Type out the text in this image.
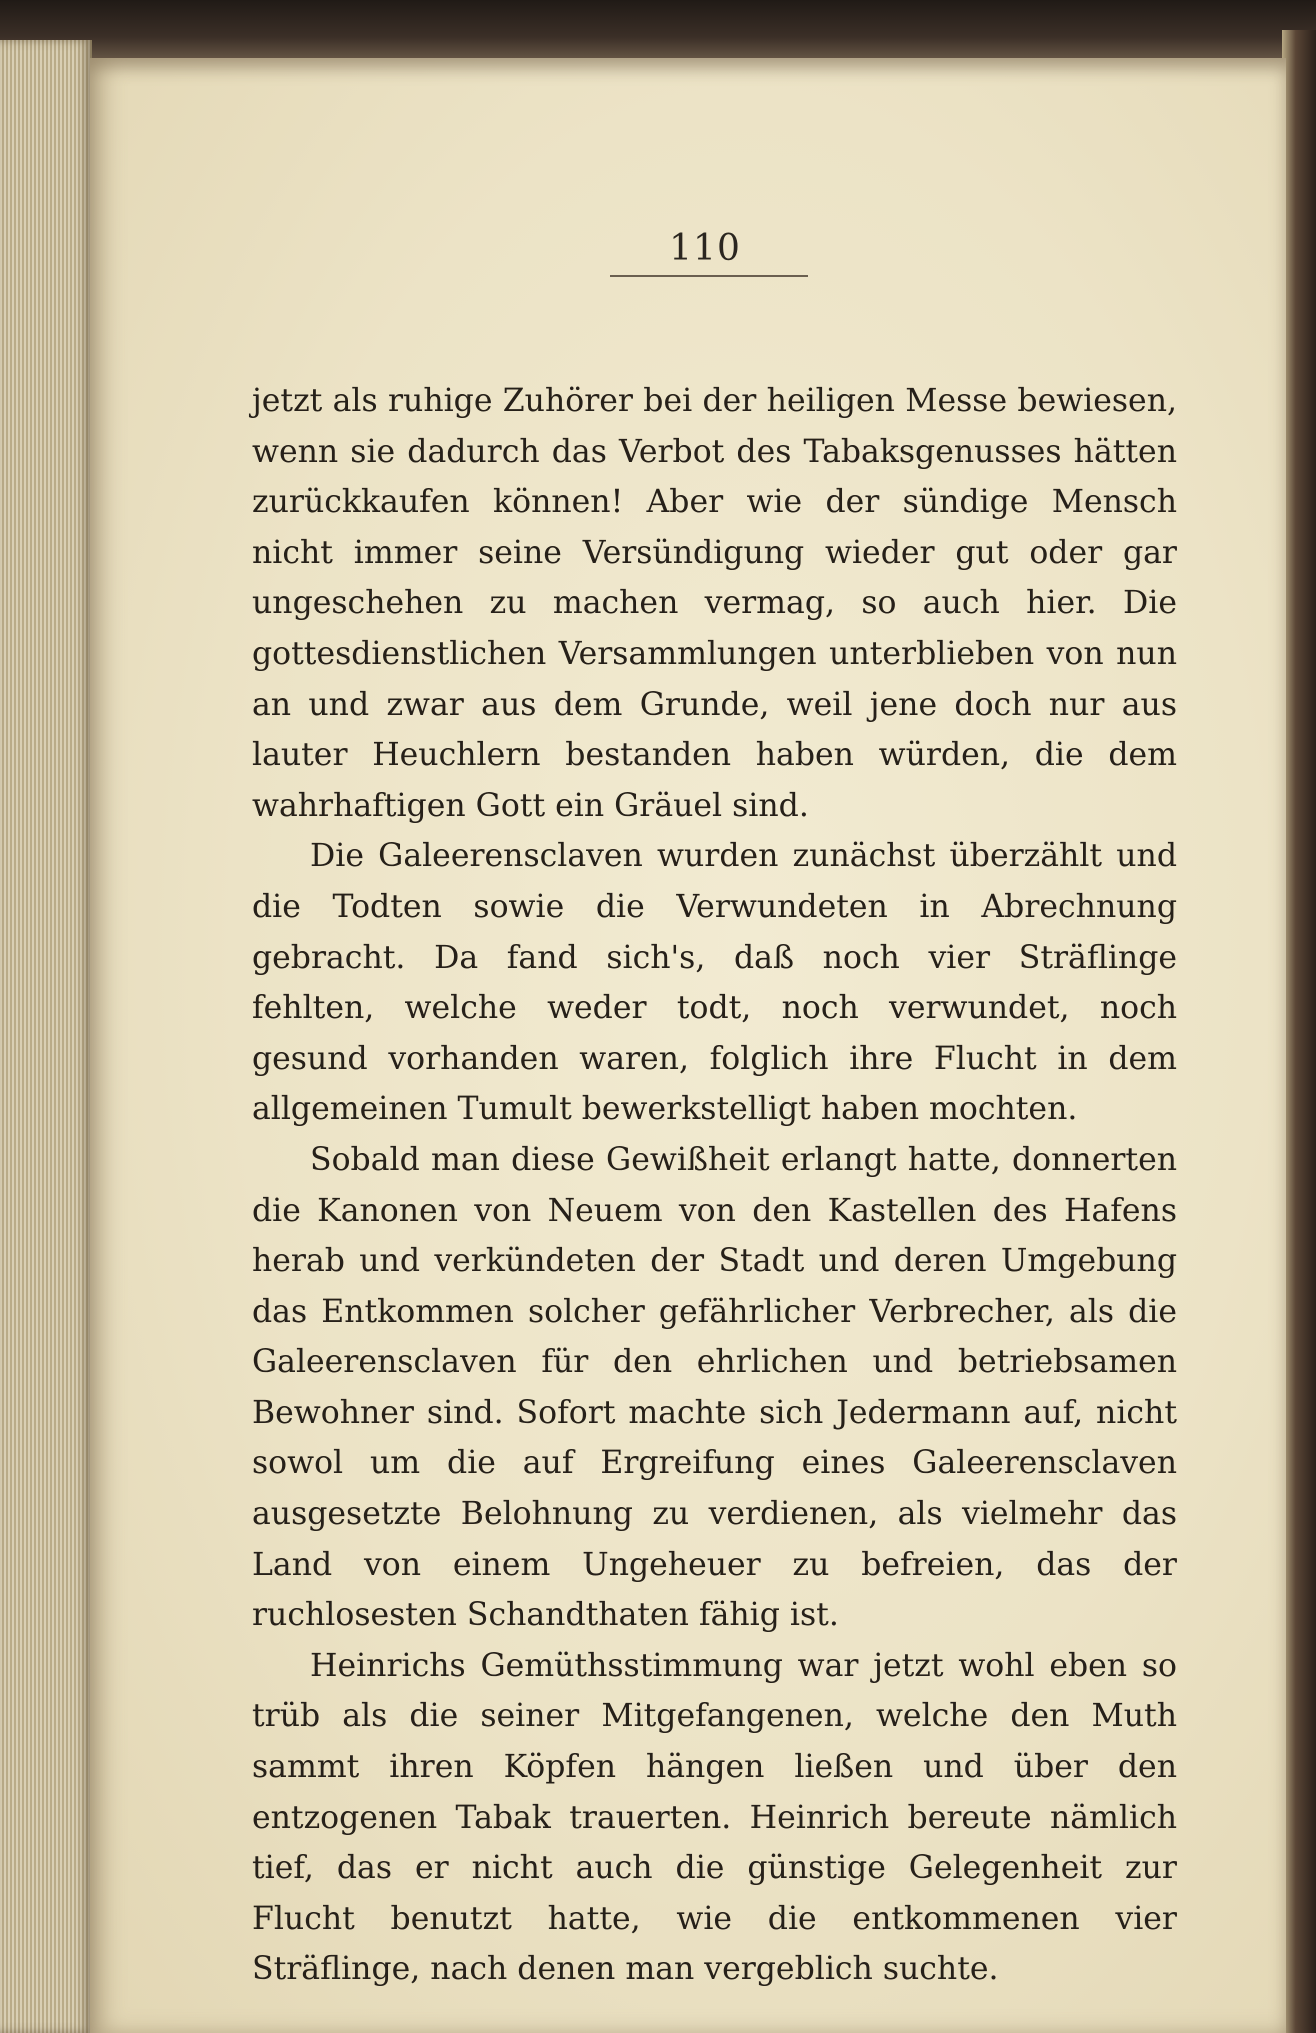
110

jetzt als ruhige Zuhörer bei der heiligen Messe bewiesen, wenn sie dadurch das Verbot des Tabaksgenusses hätten zurückkaufen können! Aber wie der sündige Mensch nicht immer seine Versündigung wieder gut oder gar ungeschehen zu machen vermag, so auch hier. Die gottesdienstlichen Versammlungen unterblieben von nun an und zwar aus dem Grunde, weil jene doch nur aus lauter Heuchlern bestanden haben würden, die dem wahrhaftigen Gott ein Gräuel sind.

Die Galeerensclaven wurden zunächst überzählt und die Todten sowie die Verwundeten in Abrechnung gebracht. Da fand sich's, daß noch vier Sträflinge fehlten, welche weder todt, noch verwundet, noch gesund vorhanden waren, folglich ihre Flucht in dem allgemeinen Tumult bewerkstelligt haben mochten.

Sobald man diese Gewißheit erlangt hatte, donnerten die Kanonen von Neuem von den Kastellen des Hafens herab und verkündeten der Stadt und deren Umgebung das Entkommen solcher gefährlicher Verbrecher, als die Galeerensclaven für den ehrlichen und betriebsamen Bewohner sind. Sofort machte sich Jedermann auf, nicht sowol um die auf Ergreifung eines Galeerensclaven ausgesetzte Belohnung zu verdienen, als vielmehr das Land von einem Ungeheuer zu befreien, das der ruchlosesten Schandthaten fähig ist.

Heinrichs Gemüthsstimmung war jetzt wohl eben so trüb als die seiner Mitgefangenen, welche den Muth sammt ihren Köpfen hängen ließen und über den entzogenen Tabak trauerten. Heinrich bereute nämlich tief, das er nicht auch die günstige Gelegenheit zur Flucht benutzt hatte, wie die entkommenen vier Sträflinge, nach denen man vergeblich suchte.
